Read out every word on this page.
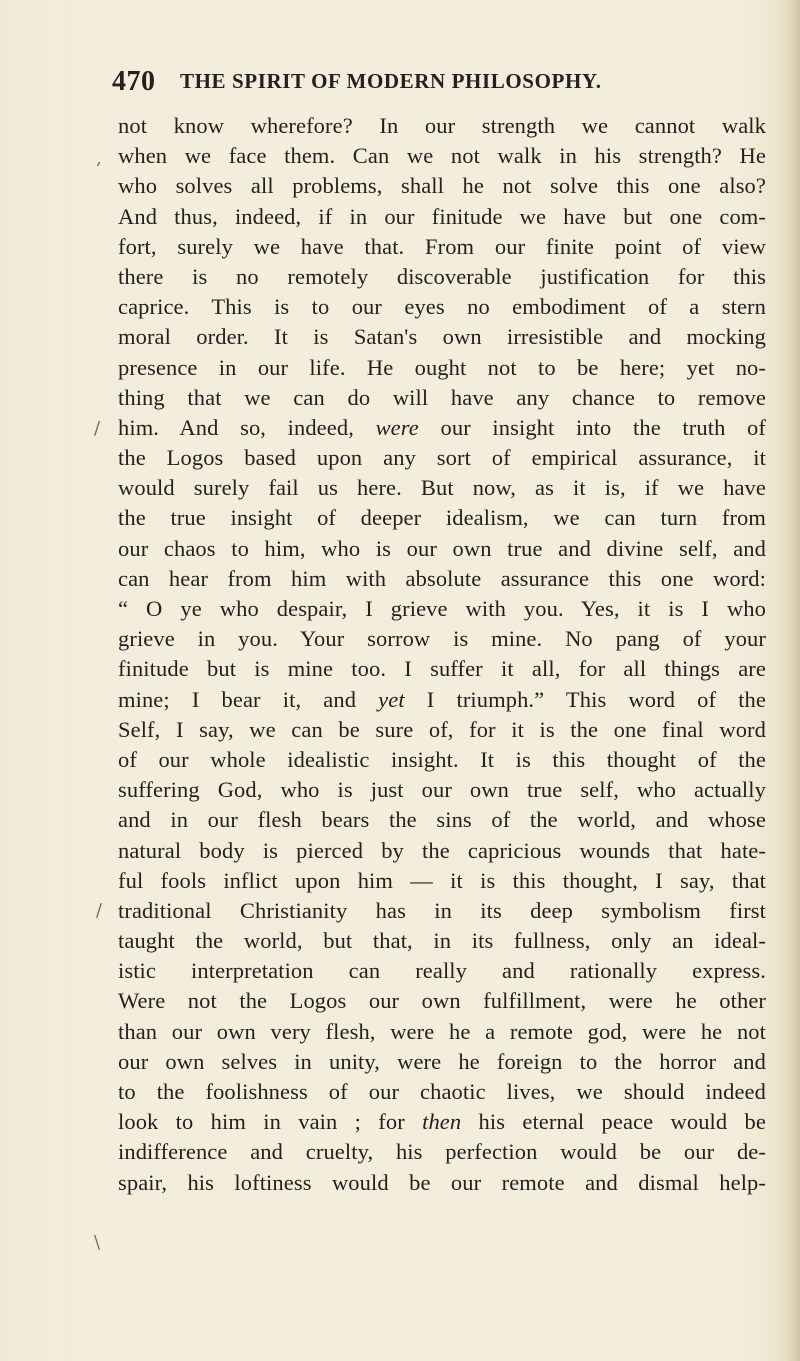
470 THE SPIRIT OF MODERN PHILOSOPHY.
,
/
/
\
not know wherefore? In our strength we cannot walk
when we face them. Can we not walk in his strength? He
who solves all problems, shall he not solve this one also?
And thus, indeed, if in our finitude we have but one com-
fort, surely we have that. From our finite point of view
there is no remotely discoverable justification for this
caprice. This is to our eyes no embodiment of a stern
moral order. It is Satan's own irresistible and mocking
presence in our life. He ought not to be here; yet no-
thing that we can do will have any chance to remove
him. And so, indeed, were our insight into the truth of
the Logos based upon any sort of empirical assurance, it
would surely fail us here. But now, as it is, if we have
the true insight of deeper idealism, we can turn from
our chaos to him, who is our own true and divine self, and
can hear from him with absolute assurance this one word:
“ O ye who despair, I grieve with you. Yes, it is I who
grieve in you. Your sorrow is mine. No pang of your
finitude but is mine too. I suffer it all, for all things are
mine; I bear it, and yet I triumph.” This word of the
Self, I say, we can be sure of, for it is the one final word
of our whole idealistic insight. It is this thought of the
suffering God, who is just our own true self, who actually
and in our flesh bears the sins of the world, and whose
natural body is pierced by the capricious wounds that hate-
ful fools inflict upon him — it is this thought, I say, that
traditional Christianity has in its deep symbolism first
taught the world, but that, in its fullness, only an ideal-
istic interpretation can really and rationally express.
Were not the Logos our own fulfillment, were he other
than our own very flesh, were he a remote god, were he not
our own selves in unity, were he foreign to the horror and
to the foolishness of our chaotic lives, we should indeed
look to him in vain ; for then his eternal peace would be
indifference and cruelty, his perfection would be our de-
spair, his loftiness would be our remote and dismal help-
